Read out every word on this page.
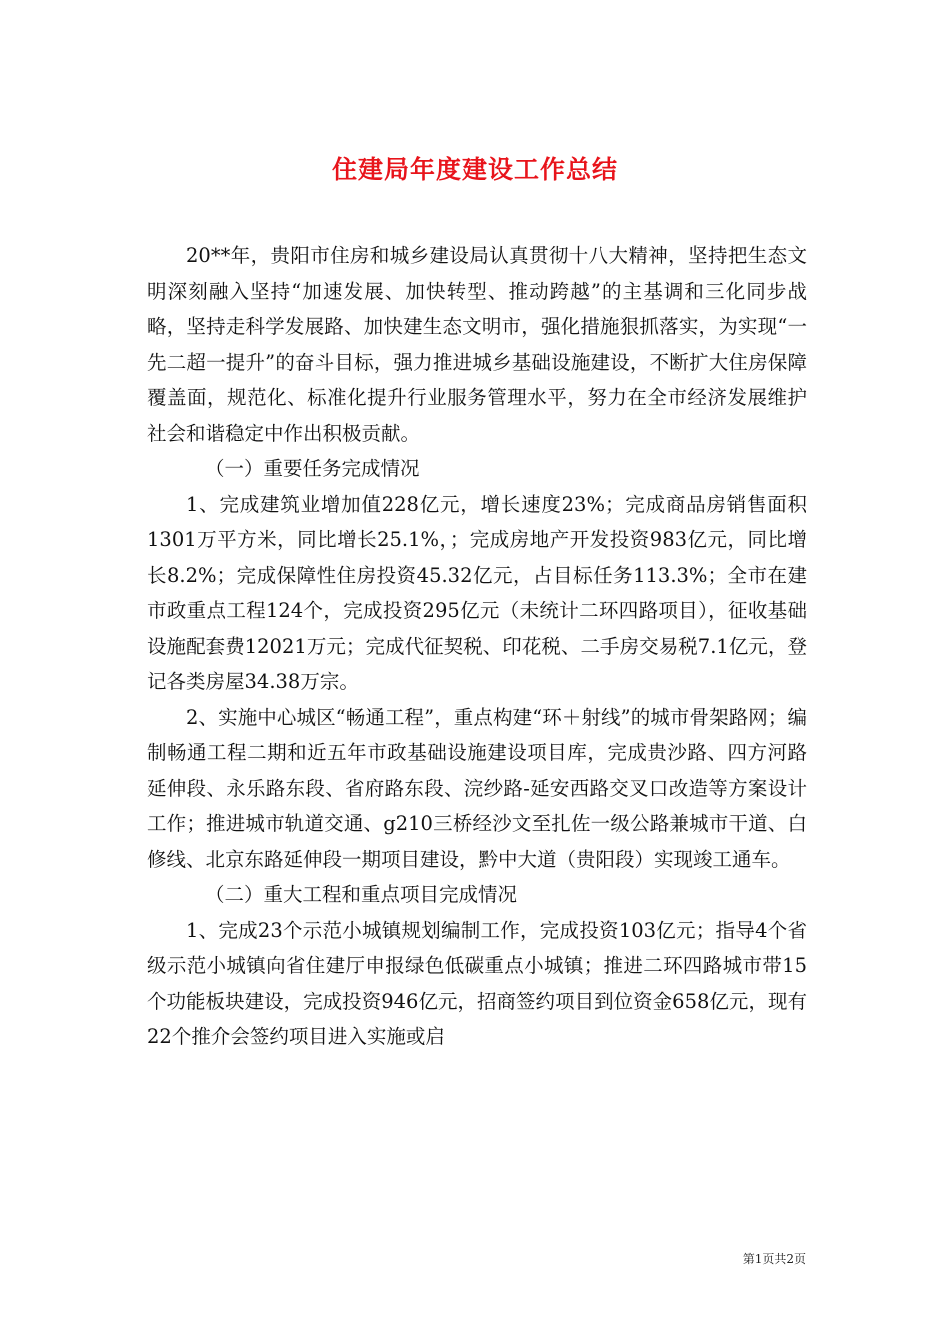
住建局年度建设工作总结

20**年，贵阳市住房和城乡建设局认真贯彻十八大精神，坚持把生态文明深刻融入坚持“加速发展、加快转型、推动跨越”的主基调和三化同步战略，坚持走科学发展路、加快建生态文明市，强化措施狠抓落实，为实现“一先二超一提升”的奋斗目标，强力推进城乡基础设施建设，不断扩大住房保障覆盖面，规范化、标准化提升行业服务管理水平，努力在全市经济发展维护社会和谐稳定中作出积极贡献。

（一）重要任务完成情况

1、完成建筑业增加值228亿元，增长速度23%；完成商品房销售面积1301万平方米，同比增长25.1%，；完成房地产开发投资983亿元，同比增长8.2%；完成保障性住房投资45.32亿元，占目标任务113.3%；全市在建市政重点工程124个，完成投资295亿元（未统计二环四路项目），征收基础设施配套费12021万元；完成代征契税、印花税、二手房交易税7.1亿元，登记各类房屋34.38万宗。

2、实施中心城区“畅通工程”，重点构建“环＋射线”的城市骨架路网；编制畅通工程二期和近五年市政基础设施建设项目库，完成贵沙路、四方河路延伸段、永乐路东段、省府路东段、浣纱路-延安西路交叉口改造等方案设计工作；推进城市轨道交通、g210三桥经沙文至扎佐一级公路兼城市干道、白修线、北京东路延伸段一期项目建设，黔中大道（贵阳段）实现竣工通车。

（二）重大工程和重点项目完成情况

1、完成23个示范小城镇规划编制工作，完成投资103亿元；指导4个省级示范小城镇向省住建厅申报绿色低碳重点小城镇；推进二环四路城市带15个功能板块建设，完成投资946亿元，招商签约项目到位资金658亿元，现有22个推介会签约项目进入实施或启

第1页共2页
